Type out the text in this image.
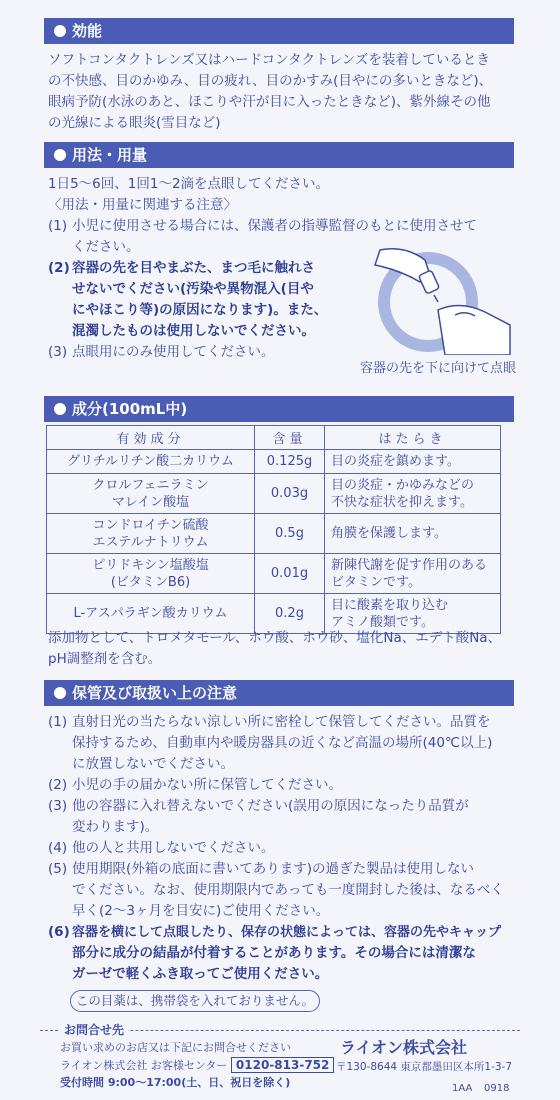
効能
ソフトコンタクトレンズ又はハードコンタクトレンズを装着しているとき
の不快感、目のかゆみ、目の疲れ、目のかすみ(目やにの多いときなど)、
眼病予防(水泳のあと、ほこりや汗が目に入ったときなど)、紫外線その他
の光線による眼炎(雪目など)
用法・用量
1日5～6回、1回1～2滴を点眼してください。
〈用法・用量に関連する注意〉
(1) 小児に使用させる場合には、保護者の指導監督のもとに使用させて
ください。
(2) 容器の先を目やまぶた、まつ毛に触れさ
せないでください(汚染や異物混入(目や
にやほこり等)の原因になります)。また、
混濁したものは使用しないでください。
(3) 点眼用にのみ使用してください。
容器の先を下に向けて点眼
成分(100mL中)
有効成分	含量	はたらき
グリチルリチン酸二カリウム	0.125g	目の炎症を鎮めます。
クロルフェニラミン
マレイン酸塩	0.03g	目の炎症・かゆみなどの
不快な症状を抑えます。
コンドロイチン硫酸
エステルナトリウム	0.5g	角膜を保護します。
ピリドキシン塩酸塩
(ビタミンB6)	0.01g	新陳代謝を促す作用のある
ビタミンです。
L-アスパラギン酸カリウム	0.2g	目に酸素を取り込む
アミノ酸類です。
添加物として、トロメタモール、ホウ酸、ホウ砂、塩化Na、エデト酸Na、
pH調整剤を含む。
保管及び取扱い上の注意
(1) 直射日光の当たらない涼しい所に密栓して保管してください。品質を
保持するため、自動車内や暖房器具の近くなど高温の場所(40℃以上)
に放置しないでください。
(2) 小児の手の届かない所に保管してください。
(3) 他の容器に入れ替えないでください(誤用の原因になったり品質が
変わります)。
(4) 他の人と共用しないでください。
(5) 使用期限(外箱の底面に書いてあります)の過ぎた製品は使用しない
でください。なお、使用期限内であっても一度開封した後は、なるべく
早く(2～3ヶ月を目安に)ご使用ください。
(6) 容器を横にして点眼したり、保存の状態によっては、容器の先やキャップ
部分に成分の結晶が付着することがあります。その場合には清潔な
ガーゼで軽くふき取ってご使用ください。
この目薬は、携帯袋を入れておりません。
お問合せ先
お買い求めのお店又は下記にお問合せください
ライオン株式会社 お客様センター 0120-813-752
受付時間 9:00～17:00(土、日、祝日を除く)
ライオン株式会社
〒130-8644 東京都墨田区本所1-3-7
1AA 0918
